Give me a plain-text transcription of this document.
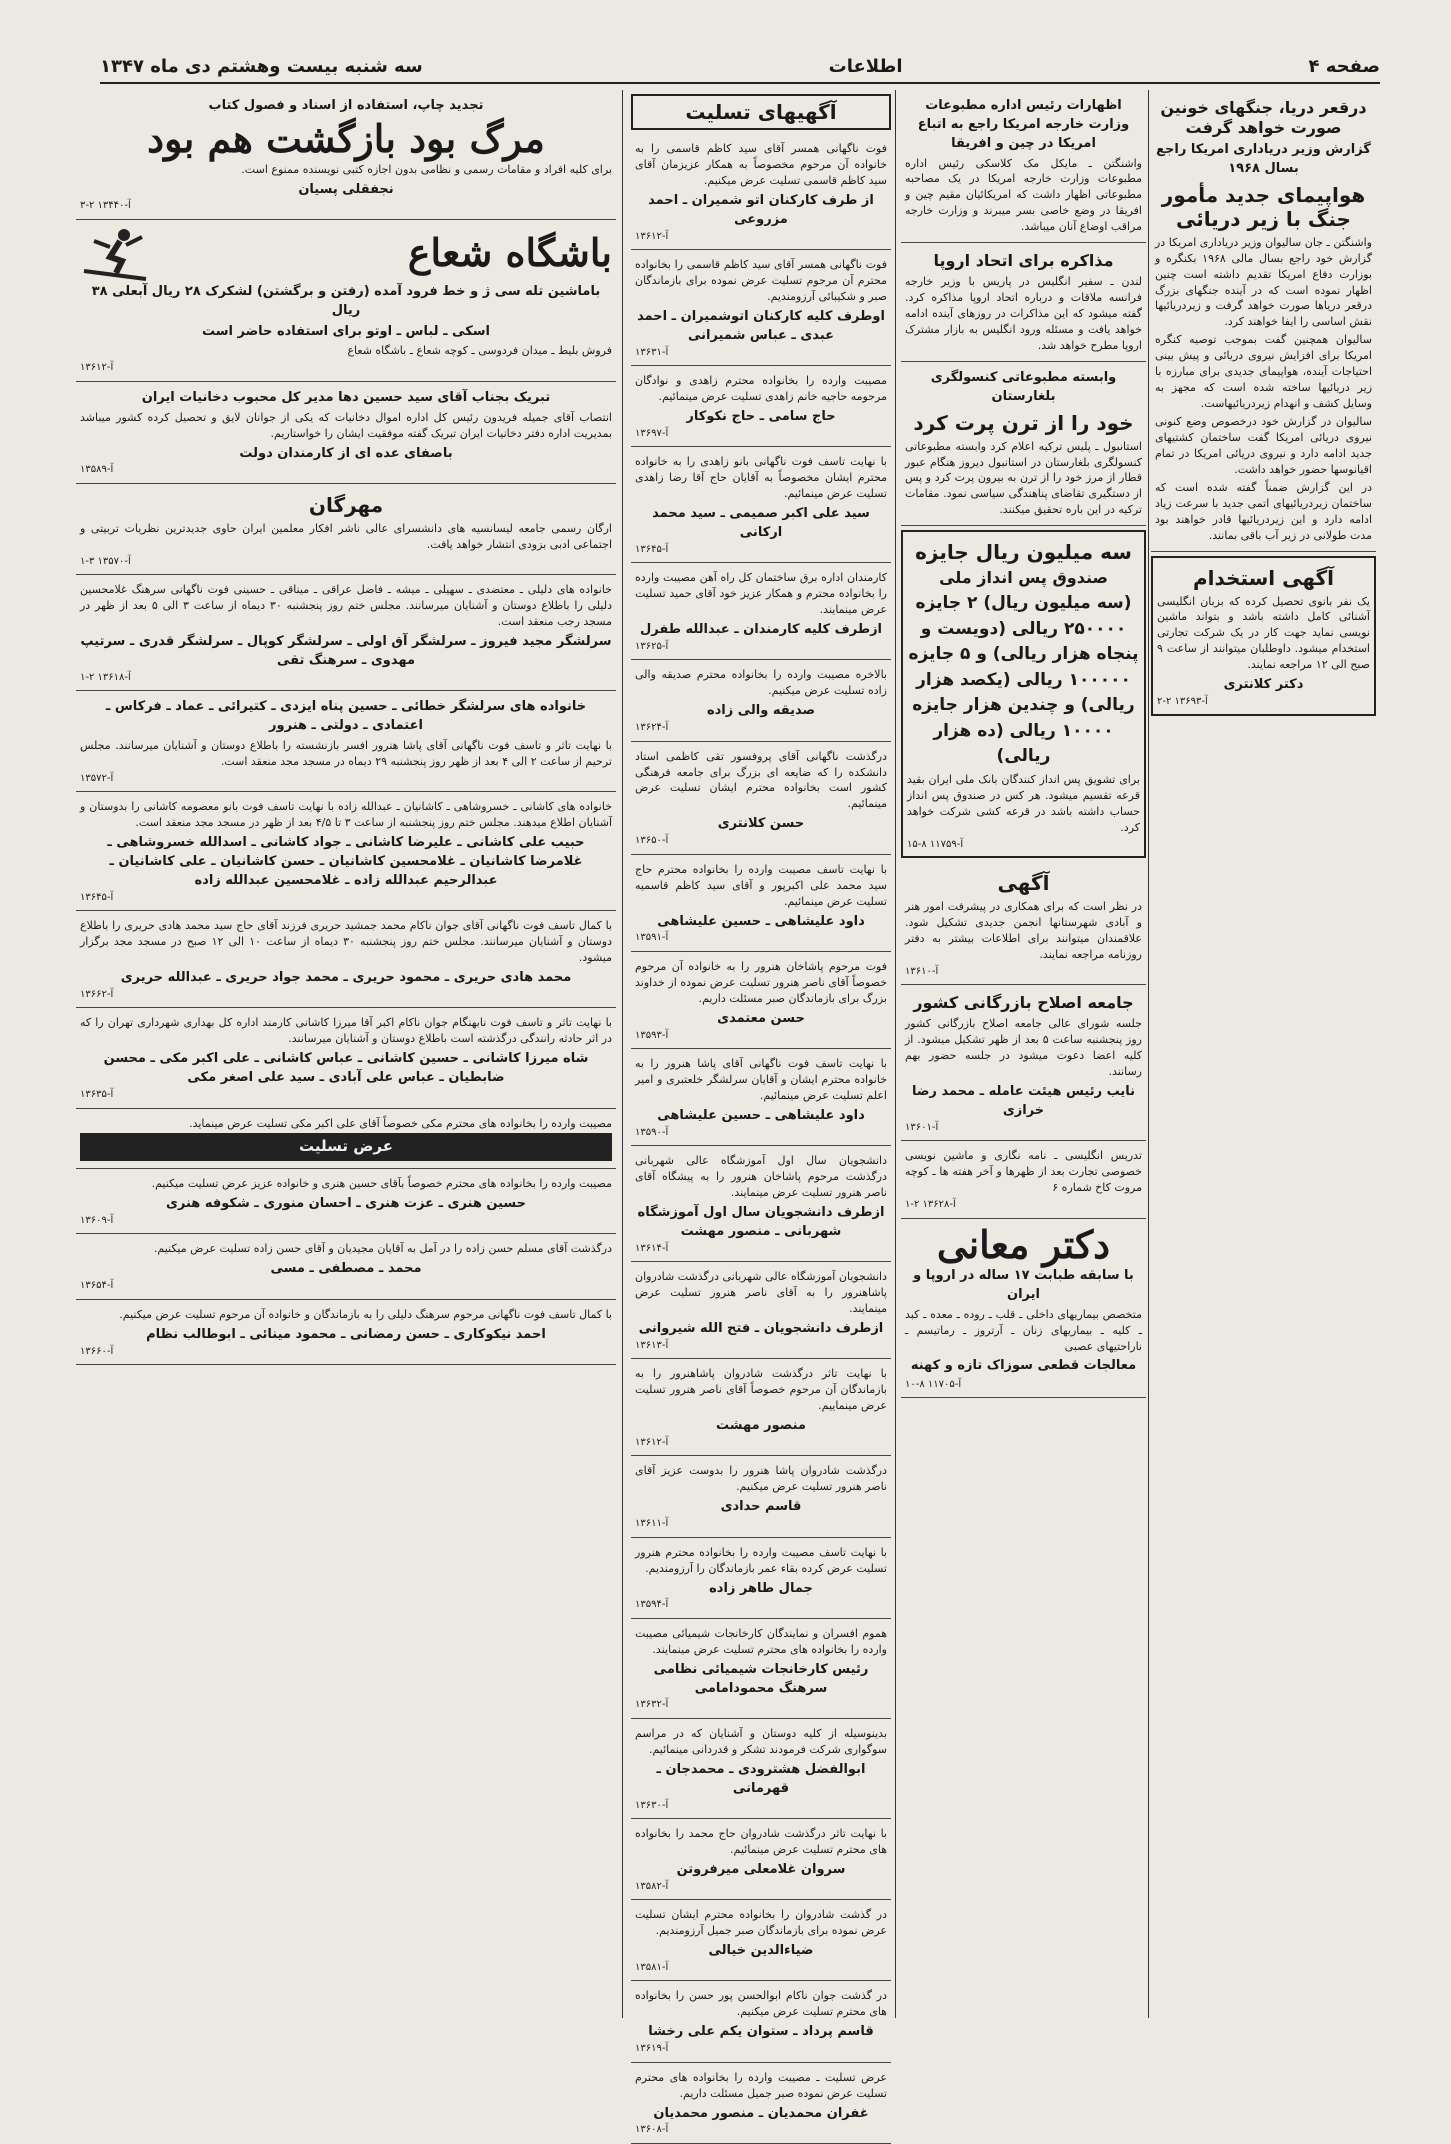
صفحه ۴
اطلاعات
سه شنبه بیست وهشتم دی ماه ۱۳۴۷
درقعر دریا، جنگهای خونین صورت خواهد گرفت
گزارش وزیر دریاداری امریکا راجع بسال ۱۹۶۸
هواپیمای جدید مأمور جنگ با زیر دریائی

واشنگتن ـ جان سالیوان وزیر دریاداری امریکا در گزارش خود راجع بسال مالی ۱۹۶۸ بکنگره و بوزارت دفاع امریکا تقدیم داشته است چنین اظهار نموده است که در آینده جنگهای بزرگ درقعر دریاها صورت خواهد گرفت و زیردریائیها نقش اساسی را ایفا خواهند کرد.

سالیوان همچنین گفت بموجب توصیه کنگره امریکا برای افزایش نیروی دریائی و پیش بینی احتیاجات آینده، هواپیمای جدیدی برای مبارزه با زیر دریائیها ساخته شده است که مجهز به وسایل کشف و انهدام زیردریائیهاست.

سالیوان در گزارش خود درخصوص وضع کنونی نیروی دریائی امریکا گفت ساختمان کشتیهای جدید ادامه دارد و نیروی دریائی امریکا در تمام اقیانوسها حضور خواهد داشت.

در این گزارش ضمناً گفته شده است که ساختمان زیردریائیهای اتمی جدید با سرعت زیاد ادامه دارد و این زیردریائیها قادر خواهند بود مدت طولانی در زیر آب باقی بمانند.

آگهی استخدام

یک نفر بانوی تحصیل کرده که بزبان انگلیسی آشنائی کامل داشته باشد و بتواند ماشین نویسی نماید جهت کار در یک شرکت تجارتی استخدام میشود. داوطلبان میتوانند از ساعت ۹ صبح الی ۱۲ مراجعه نمایند.

دکتر کلانتری
۲-۲ ۱۳۶۹۳-آ
اظهارات رئیس اداره مطبوعات وزارت خارجه امریکا راجع به اتباع امریکا در چین و افریقا

واشنگتن ـ مایکل مک کلاسکی رئیس اداره مطبوعات وزارت خارجه امریکا در یک مصاحبه مطبوعاتی اظهار داشت که امریکائیان مقیم چین و افریقا در وضع خاصی بسر میبرند و وزارت خارجه مراقب اوضاع آنان میباشد.

مذاکره برای اتحاد اروپا

لندن ـ سفیر انگلیس در پاریس با وزیر خارجه فرانسه ملاقات و درباره اتحاد اروپا مذاکره کرد. گفته میشود که این مذاکرات در روزهای آینده ادامه خواهد یافت و مسئله ورود انگلیس به بازار مشترک اروپا مطرح خواهد شد.

وابسته مطبوعاتی کنسولگری بلغارستان
خود را از ترن پرت کرد

استانبول ـ پلیس ترکیه اعلام کرد وابسته مطبوعاتی کنسولگری بلغارستان در استانبول دیروز هنگام عبور قطار از مرز خود را از ترن به بیرون پرت کرد و پس از دستگیری تقاضای پناهندگی سیاسی نمود. مقامات ترکیه در این باره تحقیق میکنند.

سه میلیون ریال جایزه
صندوق پس انداز ملی
(سه میلیون ریال) ۲ جایزه ۲۵۰۰۰۰ ریالی (دویست و پنجاه هزار ریالی) و ۵ جایزه ۱۰۰۰۰۰ ریالی (یکصد هزار ریالی) و چندین هزار جایزه ۱۰۰۰۰ ریالی (ده هزار ریالی)

برای تشویق پس انداز کنندگان بانک ملی ایران بقید قرعه تقسیم میشود. هر کس در صندوق پس انداز حساب داشته باشد در قرعه کشی شرکت خواهد کرد.

۱۵-۸ ۱۱۷۵۹-آ
آگهی

در نظر است که برای همکاری در پیشرفت امور هنر و آبادی شهرستانها انجمن جدیدی تشکیل شود. علاقمندان میتوانند برای اطلاعات بیشتر به دفتر روزنامه مراجعه نمایند.

۱۳۶۱۰-آ
جامعه اصلاح بازرگانی کشور

جلسه شورای عالی جامعه اصلاح بازرگانی کشور روز پنجشنبه ساعت ۵ بعد از ظهر تشکیل میشود. از کلیه اعضا دعوت میشود در جلسه حضور بهم رسانند.

نایب رئیس هیئت عامله ـ محمد رضا خرازی
۱۳۶۰۱-آ

تدریس انگلیسی ـ نامه نگاری و ماشین نویسی خصوصی تجارت بعد از ظهرها و آخر هفته ها ـ کوچه مروت کاخ شماره ۶

۱-۲ ۱۳۶۲۸-آ
دکتر معانی
با سابقه طبابت ۱۷ ساله در اروپا و ایران

متخصص بیماریهای داخلی ـ قلب ـ روده ـ معده ـ کبد ـ کلیه ـ بیماریهای زنان ـ آرتروز ـ رماتیسم ـ ناراحتیهای عصبی

معالجات قطعی سوزاک تازه و کهنه
۱۰-۸ ۱۱۷۰۵-آ
آگهیهای تسلیت

فوت ناگهانی همسر آقای سید کاظم قاسمی را به خانواده آن مرحوم مخصوصاً به همکار عزیزمان آقای سید کاظم قاسمی تسلیت عرض میکنیم.

از طرف کارکنان اتو شمیران ـ احمد مزروعی
۱۳۶۱۲-آ

فوت ناگهانی همسر آقای سید کاظم قاسمی را بخانواده محترم آن مرحوم تسلیت عرض نموده برای بازماندگان صبر و شکیبائی آرزومندیم.

اوطرف کلیه کارکنان اتوشمیران ـ احمد عبدی ـ عباس شمیرانی
۱۳۶۳۱-آ

مصیبت وارده را بخانواده محترم زاهدی و نوادگان مرحومه حاجیه خانم زاهدی تسلیت عرض مینمائیم.

حاج سامی ـ حاج نکوکار
۱۳۶۹۷-آ

با نهایت تاسف فوت ناگهانی بانو زاهدی را به خانواده محترم ایشان مخصوصاً به آقایان حاج آقا رضا زاهدی تسلیت عرض مینمائیم.

سید علی اکبر صمیمی ـ سید محمد ارکانی
۱۳۶۴۵-آ

کارمندان اداره برق ساختمان کل راه آهن مصیبت وارده را بخانواده محترم و همکار عزیز خود آقای حمید تسلیت عرض مینمایند.

ازطرف کلیه کارمندان ـ عبدالله طفرل
۱۳۶۲۵-آ

بالاخره مصیبت وارده را بخانواده محترم صدیقه والی زاده تسلیت عرض میکنیم.

صدیقه والی زاده
۱۳۶۲۴-آ

درگذشت ناگهانی آقای پروفسور تقی کاظمی استاد دانشکده را که ضایعه ای بزرگ برای جامعه فرهنگی کشور است بخانواده محترم ایشان تسلیت عرض مینمائیم.

حسن کلانتری
۱۳۶۵۰-آ

با نهایت تاسف مصیبت وارده را بخانواده محترم حاج سید محمد علی اکبرپور و آقای سید کاظم قاسمیه تسلیت عرض مینمائیم.

داود علیشاهی ـ حسین علیشاهی
۱۳۵۹۱-آ

فوت مرحوم پاشاخان هنرور را به خانواده آن مرحوم خصوصاً آقای ناصر هنرور تسلیت عرض نموده از خداوند بزرگ برای بازماندگان صبر مسئلت داریم.

حسن معتمدی
۱۳۵۹۳-آ

با نهایت تاسف فوت ناگهانی آقای پاشا هنرور را به خانواده محترم ایشان و آقایان سرلشگر خلعتبری و امیر اعلم تسلیت عرض مینمائیم.

داود علیشاهی ـ حسین علیشاهی
۱۳۵۹۰-آ

دانشجویان سال اول آموزشگاه عالی شهربانی درگذشت مرحوم پاشاخان هنرور را به پیشگاه آقای ناصر هنرور تسلیت عرض مینمایند.

ازطرف دانشجویان سال اول آموزشگاه شهربانی ـ منصور مهشت
۱۳۶۱۴-آ

دانشجویان آموزشگاه عالی شهربانی درگذشت شادروان پاشاهنرور را به آقای ناصر هنرور تسلیت عرض مینمایند.

ازطرف دانشجویان ـ فتح الله شیروانی
۱۳۶۱۳-آ

با نهایت تاثر درگذشت شادروان پاشاهنرور را به بازماندگان آن مرحوم خصوصاً آقای ناصر هنرور تسلیت عرض مینماییم.

منصور مهشت
۱۳۶۱۲-آ

درگذشت شادروان پاشا هنرور را بدوست عزیز آقای ناصر هنرور تسلیت عرض میکنیم.

قاسم حدادی
۱۳۶۱۱-آ

با نهایت تاسف مصیبت وارده را بخانواده محترم هنرور تسلیت عرض کرده بقاء عمر بازماندگان را آرزومندیم.

جمال طاهر زاده
۱۳۵۹۴-آ

هموم افسران و نمایندگان کارخانجات شیمیائی مصیبت وارده را بخانواده های محترم تسلیت عرض مینمایند.

رئیس کارخانجات شیمیائی نظامی سرهنگ محمودامامی
۱۳۶۳۲-آ

بدینوسیله از کلیه دوستان و آشنایان که در مراسم سوگواری شرکت فرمودند تشکر و قدردانی مینمائیم.

ابوالفضل هشترودی ـ محمدجان ـ قهرمانی
۱۳۶۳۰-آ

با نهایت تاثر درگذشت شادروان حاج محمد را بخانواده های محترم تسلیت عرض مینمائیم.

سروان غلامعلی میرفروتن
۱۳۵۸۲-آ

در گذشت شادروان را بخانواده محترم ایشان تسلیت عرض نموده برای بازماندگان صبر جمیل آرزومندیم.

ضیاءالدین خیالی
۱۳۵۸۱-آ

در گذشت جوان ناکام ابوالحسن پور حسن را بخانواده های محترم تسلیت عرض میکنیم.

قاسم پرداد ـ ستوان یکم علی رخشا
۱۳۶۱۹-آ

عرض تسلیت ـ مصیبت وارده را بخانواده های محترم تسلیت عرض نموده صبر جمیل مسئلت داریم.

غفران محمدیان ـ منصور محمدیان
۱۳۶۰۸-آ
تجدید چاپ، استفاده از اسناد و فصول کتاب
مرگ بود بازگشت هم بود

برای کلیه افراد و مقامات رسمی و نظامی بدون اجازه کتبی نویسنده ممنوع است.

نجفقلی پسیان
۳-۲ ۱۳۴۴۰-آ
باشگاه شعاع
باماشین تله سی ژ و خط فرود آمده (رفتن و برگشتن) لشکرک ۲۸ ریال آبعلی ۳۸ ریال
اسکی ـ لباس ـ اوتو برای استفاده حاضر است

فروش بلیط ـ میدان فردوسی ـ کوچه شعاع ـ باشگاه شعاع

۱۳۶۱۲-آ
تبریک بجناب آقای سید حسین دها مدیر کل محبوب دخانیات ایران

انتصاب آقای جمیله فریدون رئیس کل اداره اموال دخانیات که یکی از جوانان لایق و تحصیل کرده کشور میباشد بمدیریت اداره دفتر دخانیات ایران تبریک گفته موفقیت ایشان را خواستاریم.

باصفای عده ای از کارمندان دولت
۱۳۵۸۹-آ
مهرگان

ارگان رسمی جامعه لیسانسیه های دانشسرای عالی ناشر افکار معلمین ایران حاوی جدیدترین نظریات تربیتی و اجتماعی ادبی بزودی انتشار خواهد یافت.

۱-۳ ۱۳۵۷۰-آ

خانواده های دلیلی ـ معتضدی ـ سهیلی ـ میشه ـ فاضل عراقی ـ میناقی ـ حسینی فوت ناگهانی سرهنگ غلامحسین دلیلی را باطلاع دوستان و آشنایان میرسانند. مجلس ختم روز پنجشنبه ۳۰ دیماه از ساعت ۳ الی ۵ بعد از ظهر در مسجد رجب منعقد است.

سرلشگر مجید فیروز ـ سرلشگر آق اولی ـ سرلشگر کوپال ـ سرلشگر قدری ـ سرتیپ مهدوی ـ سرهنگ تقی
۱-۲ ۱۳۶۱۸-آ
خانواده های سرلشگر خطائی ـ حسین پناه ایزدی ـ کتیرائی ـ عماد ـ فرکاس ـ اعتمادی ـ دولتی ـ هنرور

با نهایت تاثر و تاسف فوت ناگهانی آقای پاشا هنرور افسر بازنشسته را باطلاع دوستان و آشنایان میرسانند. مجلس ترحیم از ساعت ۲ الی ۴ بعد از ظهر روز پنجشنبه ۲۹ دیماه در مسجد مجد منعقد است.

۱۳۵۷۲-آ

خانواده های کاشانی ـ خسروشاهی ـ کاشانیان ـ عبدالله زاده با نهایت تاسف فوت بانو معصومه کاشانی را بدوستان و آشنایان اطلاع میدهند. مجلس ختم روز پنجشنبه از ساعت ۳ تا ۴/۵ بعد از ظهر در مسجد مجد منعقد است.

حبیب علی کاشانی ـ علیرضا کاشانی ـ جواد کاشانی ـ اسدالله خسروشاهی ـ غلامرضا کاشانیان ـ غلامحسین کاشانیان ـ حسن کاشانیان ـ علی کاشانیان ـ عبدالرحیم عبدالله زاده ـ غلامحسین عبدالله زاده
۱۳۶۴۵-آ

با کمال تاسف فوت ناگهانی آقای جوان ناکام محمد جمشید حریری فرزند آقای حاج سید محمد هادی حریری را باطلاع دوستان و آشنایان میرسانند. مجلس ختم روز پنجشنبه ۳۰ دیماه از ساعت ۱۰ الی ۱۲ صبح در مسجد مجد برگزار میشود.

محمد هادی حریری ـ محمود حریری ـ محمد جواد حریری ـ عبدالله حریری
۱۳۶۶۲-آ

با نهایت تاثر و تاسف فوت نابهنگام جوان ناکام اکبر آقا میرزا کاشانی کارمند اداره کل بهداری شهرداری تهران را که در اثر حادثه رانندگی درگذشته است باطلاع دوستان و آشنایان میرسانند.

شاه میرزا کاشانی ـ حسین کاشانی ـ عباس کاشانی ـ علی اکبر مکی ـ محسن ضابطیان ـ عباس علی آبادی ـ سید علی اصغر مکی
۱۳۶۳۵-آ

مصیبت وارده را بخانواده های محترم مکی خصوصاً آقای علی اکبر مکی تسلیت عرض مینماید.

عرض تسلیت

مصیبت وارده را بخانواده های محترم خصوصاً بآقای حسین هنری و خانواده عزیز عرض تسلیت میکنیم.

حسین هنری ـ عزت هنری ـ احسان منوری ـ شکوفه هنری
۱۳۶۰۹-آ

درگذشت آقای مسلم حسن زاده را در آمل به آقایان مجیدیان و آقای حسن زاده تسلیت عرض میکنیم.

محمد ـ مصطفی ـ مسی
۱۳۶۵۴-آ

با کمال تاسف فوت ناگهانی مرحوم سرهنگ دلیلی را به بازماندگان و خانواده آن مرحوم تسلیت عرض میکنیم.

احمد نیکوکاری ـ حسن رمضانی ـ محمود مینائی ـ ابوطالب نظام
۱۳۶۶۰-آ
